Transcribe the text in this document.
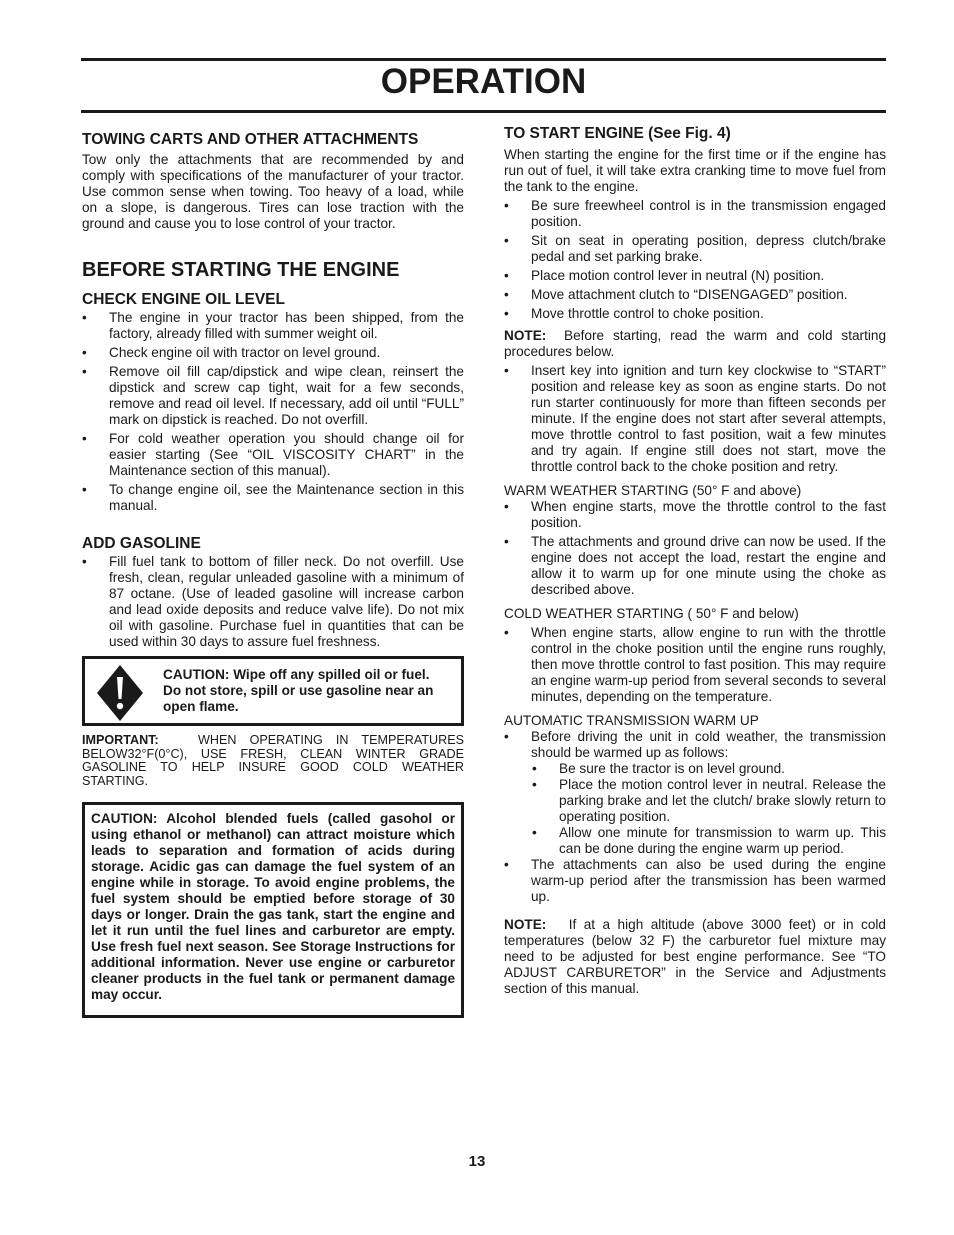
OPERATION
TOWING CARTS AND OTHER ATTACHMENTS

Tow only the attachments that are recommended by and comply with specifications of the manufacturer of your tractor. Use common sense when towing. Too heavy of a load, while on a slope, is dangerous. Tires can lose traction with the ground and cause you to lose control of your tractor.

BEFORE STARTING THE ENGINE
CHECK ENGINE OIL LEVEL
• The engine in your tractor has been shipped, from the factory, already filled with summer weight oil.
• Check engine oil with tractor on level ground.
• Remove oil fill cap/dipstick and wipe clean, reinsert the dipstick and screw cap tight, wait for a few seconds, remove and read oil level. If necessary, add oil until “FULL” mark on dipstick is reached. Do not overfill.
• For cold weather operation you should change oil for easier starting (See “OIL VISCOSITY CHART” in the Maintenance section of this manual).
• To change engine oil, see the Maintenance section in this manual.
ADD GASOLINE
• Fill fuel tank to bottom of filler neck. Do not overfill. Use fresh, clean, regular unleaded gasoline with a minimum of 87 octane. (Use of leaded gasoline will increase carbon and lead oxide deposits and reduce valve life). Do not mix oil with gasoline. Purchase fuel in quantities that can be used within 30 days to assure fuel freshness.
CAUTION: Wipe off any spilled oil or fuel. Do not store, spill or use gasoline near an open flame.
IMPORTANT:	WHEN OPERATING IN TEMPERATURES BELOW32°F(0°C), USE FRESH, CLEAN WINTER GRADE GASOLINE TO HELP INSURE GOOD COLD WEATHER STARTING.

CAUTION: Alcohol blended fuels (called gasohol or using ethanol or methanol) can attract moisture which leads to separation and formation of acids during storage. Acidic gas can damage the fuel system of an engine while in storage. To avoid engine problems, the fuel system should be emptied before storage of 30 days or longer. Drain the gas tank, start the engine and let it run until the fuel lines and carburetor are empty. Use fresh fuel next season. See Storage Instructions for additional information. Never use engine or carburetor cleaner products in the fuel tank or permanent damage may occur.

TO START ENGINE (See Fig. 4)

When starting the engine for the first time or if the engine has run out of fuel, it will take extra cranking time to move fuel from the tank to the engine.

• Be sure freewheel control is in the transmission engaged position.
• Sit on seat in operating position, depress clutch/brake pedal and set parking brake.
• Place motion control lever in neutral (N) position.
• Move attachment clutch to “DISENGAGED” position.
• Move throttle control to choke position.

NOTE: Before starting, read the warm and cold starting procedures below.

• Insert key into ignition and turn key clockwise to “START” position and release key as soon as engine starts. Do not run starter continuously for more than fifteen seconds per minute. If the engine does not start after several attempts, move throttle control to fast position, wait a few minutes and try again. If engine still does not start, move the throttle control back to the choke position and retry.
WARM WEATHER STARTING (50° F and above)
• When engine starts, move the throttle control to the fast position.
• The attachments and ground drive can now be used. If the engine does not accept the load, restart the engine and allow it to warm up for one minute using the choke as described above.
COLD WEATHER STARTING ( 50° F and below)
• When engine starts, allow engine to run with the throttle control in the choke position until the engine runs roughly, then move throttle control to fast position. This may require an engine warm-up period from several seconds to several minutes, depending on the temperature.
AUTOMATIC TRANSMISSION WARM UP
• Before driving the unit in cold weather, the transmission should be warmed up as follows:
• Be sure the tractor is on level ground.
• Place the motion control lever in neutral. Release the parking brake and let the clutch/ brake slowly return to operating position.
• Allow one minute for transmission to warm up. This can be done during the engine warm up period.
• The attachments can also be used during the engine warm-up period after the transmission has been warmed up.

NOTE: If at a high altitude (above 3000 feet) or in cold temperatures (below 32 F) the carburetor fuel mixture may need to be adjusted for best engine performance. See “TO ADJUST CARBURETOR” in the Service and Adjustments section of this manual.

13
